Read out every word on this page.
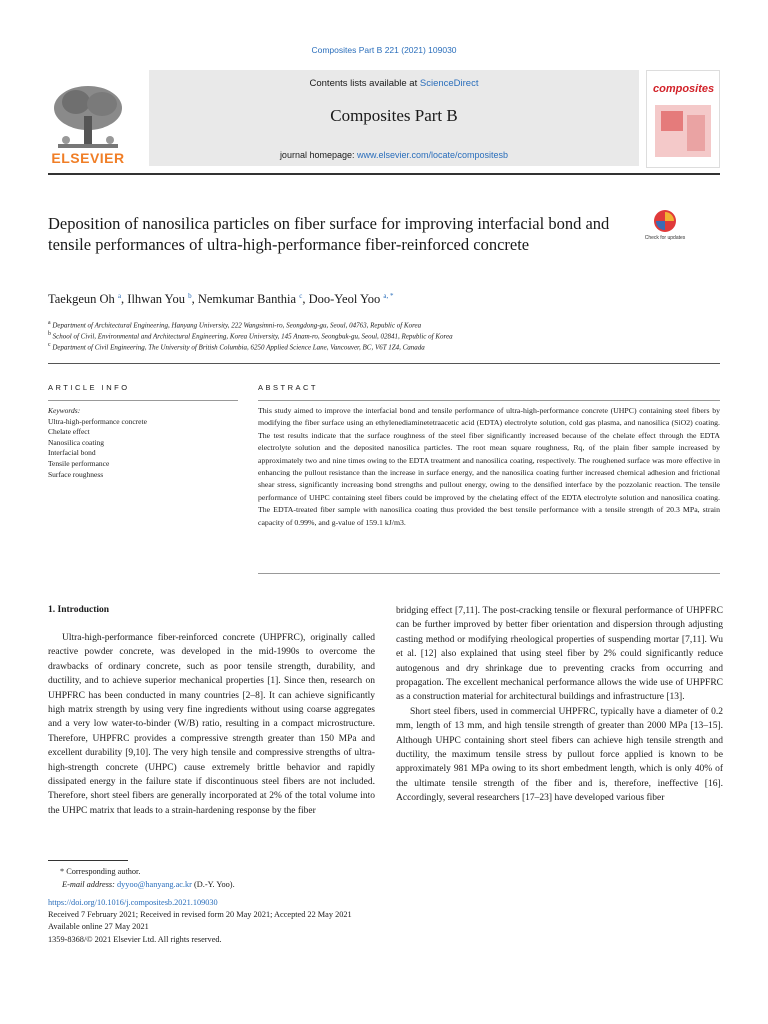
Composites Part B 221 (2021) 109030
ELSEVIER
Contents lists available at ScienceDirect
Composites Part B
journal homepage: www.elsevier.com/locate/compositesb
composites
Deposition of nanosilica particles on fiber surface for improving interfacial bond and tensile performances of ultra-high-performance fiber-reinforced concrete	Check for updates
Taekgeun Oh $^a$, Ilhwan You $^b$, Nemkumar Banthia $^c$, Doo-Yeol Yoo $^{a, *}$
$^a$ Department of Architectural Engineering, Hanyang University, 222 Wangsimni-ro, Seongdong-gu, Seoul, 04763, Republic of Korea
$^b$ School of Civil, Environmental and Architectural Engineering, Korea University, 145 Anam-ro, Seongbuk-gu, Seoul, 02841, Republic of Korea
$^c$ Department of Civil Engineering, The University of British Columbia, 6250 Applied Science Lane, Vancouver, BC, V6T 1Z4, Canada
ARTICLE INFO	ABSTRACT
Keywords:
Ultra-high-performance concrete
Chelate effect
Nanosilica coating
Interfacial bond
Tensile performance
Surface roughness
This study aimed to improve the interfacial bond and tensile performance of ultra-high-performance concrete (UHPC) containing steel fibers by modifying the fiber surface using an ethylenediaminetetraacetic acid (EDTA) electrolyte solution, cold gas plasma, and nanosilica (SiO2) coating. The test results indicate that the surface roughness of the steel fiber significantly increased because of the chelate effect through the EDTA electrolyte solution and the deposited nanosilica particles. The root mean square roughness, Rq, of the plain fiber sample increased by approximately two and nine times owing to the EDTA treatment and nanosilica coating, respectively. The roughened surface was more effective in enhancing the pullout resistance than the increase in surface energy, and the nanosilica coating further increased chemical adhesion and frictional shear stress, significantly increasing bond strengths and pullout energy, owing to the densified interface by the pozzolanic reaction. The tensile performance of UHPC containing steel fibers could be improved by the chelating effect of the EDTA electrolyte solution and nanosilica coating. The EDTA-treated fiber sample with nanosilica coating thus provided the best tensile performance with a tensile strength of 20.3 MPa, strain capacity of 0.99%, and g-value of 159.1 kJ/m3.
1. Introduction

Ultra-high-performance fiber-reinforced concrete (UHPFRC), originally called reactive powder concrete, was developed in the mid-1990s to overcome the drawbacks of ordinary concrete, such as poor tensile strength, durability, and ductility, and to achieve superior mechanical properties [1]. Since then, research on UHPFRC has been conducted in many countries [2–8]. It can achieve significantly high matrix strength by using very fine ingredients without using coarse aggregates and a very low water-to-binder (W/B) ratio, resulting in a compact microstructure. Therefore, UHPFRC provides a compressive strength greater than 150 MPa and excellent durability [9,10]. The very high tensile and compressive strengths of ultra-high-strength concrete (UHPC) cause extremely brittle behavior and rapidly dissipated energy in the failure state if discontinuous steel fibers are not included. Therefore, short steel fibers are generally incorporated at 2% of the total volume into the UHPC matrix that leads to a strain-hardening response by the fiber

bridging effect [7,11]. The post-cracking tensile or flexural performance of UHPFRC can be further improved by better fiber orientation and dispersion through adjusting casting method or modifying rheological properties of suspending mortar [7,11]. Wu et al. [12] also explained that using steel fiber by 2% could significantly reduce autogenous and dry shrinkage due to preventing cracks from occurring and propagation. The excellent mechanical performance allows the wide use of UHPFRC as a construction material for architectural buildings and infrastructure [13].

Short steel fibers, used in commercial UHPFRC, typically have a diameter of 0.2 mm, length of 13 mm, and high tensile strength of greater than 2000 MPa [13–15]. Although UHPC containing short steel fibers can achieve high tensile strength and ductility, the maximum tensile stress by pullout force applied is known to be approximately 981 MPa owing to its short embedment length, which is only 40% of the ultimate tensile strength of the fiber and is, therefore, ineffective [16]. Accordingly, several researchers [17–23] have developed various fiber

* Corresponding author.
E-mail address: dyyoo@hanyang.ac.kr (D.-Y. Yoo).
https://doi.org/10.1016/j.compositesb.2021.109030
Received 7 February 2021; Received in revised form 20 May 2021; Accepted 22 May 2021
Available online 27 May 2021
1359-8368/© 2021 Elsevier Ltd. All rights reserved.
